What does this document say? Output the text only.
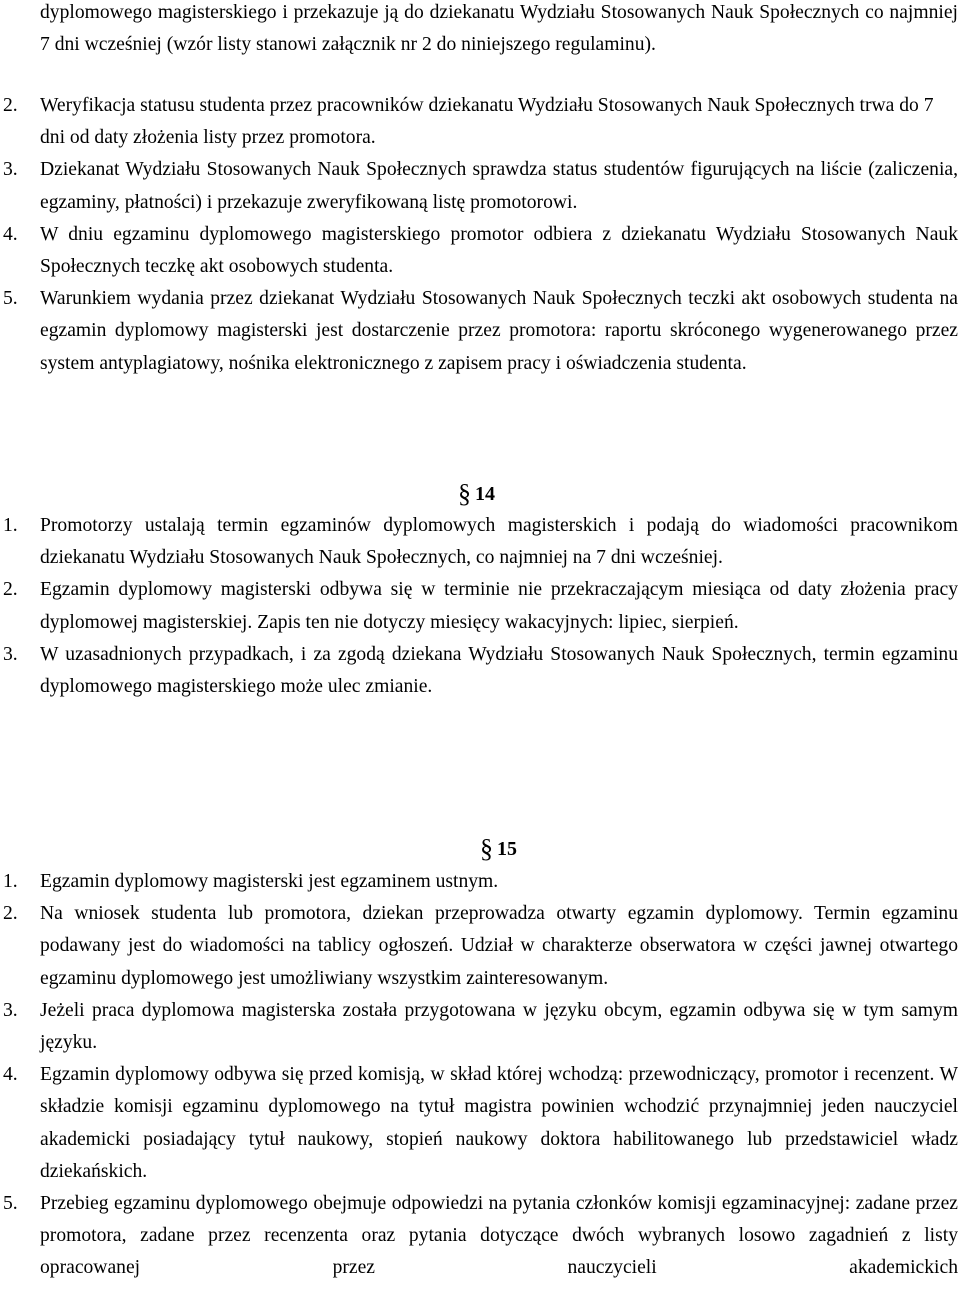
dyplomowego magisterskiego i przekazuje ją do dziekanatu Wydziału Stosowanych Nauk Społecznych co najmniej 7 dni wcześniej (wzór listy stanowi załącznik nr 2 do niniejszego regulaminu).
2. Weryfikacja statusu studenta przez pracowników dziekanatu Wydziału Stosowanych Nauk Społecznych trwa do 7 dni od daty złożenia listy przez promotora.
3. Dziekanat Wydziału Stosowanych Nauk Społecznych sprawdza status studentów figurujących na liście (zaliczenia, egzaminy, płatności) i przekazuje zweryfikowaną listę promotorowi.
4. W dniu egzaminu dyplomowego magisterskiego promotor odbiera z dziekanatu Wydziału Stosowanych Nauk Społecznych teczkę akt osobowych studenta.
5. Warunkiem wydania przez dziekanat Wydziału Stosowanych Nauk Społecznych teczki akt osobowych studenta na egzamin dyplomowy magisterski jest dostarczenie przez promotora: raportu skróconego wygenerowanego przez system antyplagiatowy, nośnika elektronicznego z zapisem pracy i oświadczenia studenta.
§ 14
1. Promotorzy ustalają termin egzaminów dyplomowych magisterskich i podają do wiadomości pracownikom dziekanatu Wydziału Stosowanych Nauk Społecznych, co najmniej na 7 dni wcześniej.
2. Egzamin dyplomowy magisterski odbywa się w terminie nie przekraczającym miesiąca od daty złożenia pracy dyplomowej magisterskiej. Zapis ten nie dotyczy miesięcy wakacyjnych: lipiec, sierpień.
3. W uzasadnionych przypadkach, i za zgodą dziekana Wydziału Stosowanych Nauk Społecznych, termin egzaminu dyplomowego magisterskiego może ulec zmianie.
§ 15
1. Egzamin dyplomowy magisterski jest egzaminem ustnym.
2. Na wniosek studenta lub promotora, dziekan przeprowadza otwarty egzamin dyplomowy. Termin egzaminu podawany jest do wiadomości na tablicy ogłoszeń. Udział w charakterze obserwatora w części jawnej otwartego egzaminu dyplomowego jest umożliwiany wszystkim zainteresowanym.
3. Jeżeli praca dyplomowa magisterska została przygotowana w języku obcym, egzamin odbywa się w tym samym języku.
4. Egzamin dyplomowy odbywa się przed komisją, w skład której wchodzą: przewodniczący, promotor i recenzent. W składzie komisji egzaminu dyplomowego na tytuł magistra powinien wchodzić przynajmniej jeden nauczyciel akademicki posiadający tytuł naukowy, stopień naukowy doktora habilitowanego lub przedstawiciel władz dziekańskich.
5. Przebieg egzaminu dyplomowego obejmuje odpowiedzi na pytania członków komisji egzaminacyjnej: zadane przez promotora, zadane przez recenzenta oraz pytania dotyczące dwóch wybranych losowo zagadnień z listy opracowanej przez nauczycieli akademickich
